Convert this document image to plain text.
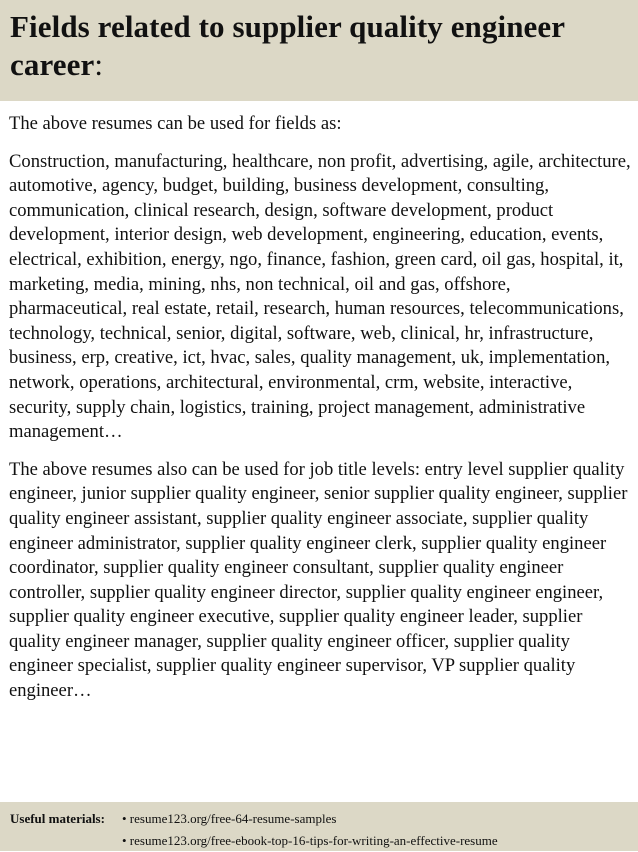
Fields related to supplier quality engineer career:

The above resumes can be used for fields as:

Construction, manufacturing, healthcare, non profit, advertising, agile, architecture, automotive, agency, budget, building, business development, consulting, communication, clinical research, design, software development, product development, interior design, web development, engineering, education, events, electrical, exhibition, energy, ngo, finance, fashion, green card, oil gas, hospital, it, marketing, media, mining, nhs, non technical, oil and gas, offshore, pharmaceutical, real estate, retail, research, human resources, telecommunications, technology, technical, senior, digital, software, web, clinical, hr, infrastructure, business, erp, creative, ict, hvac, sales, quality management, uk, implementation, network, operations, architectural, environmental, crm, website, interactive, security, supply chain, logistics, training, project management, administrative management…

The above resumes also can be used for job title levels: entry level supplier quality engineer, junior supplier quality engineer, senior supplier quality engineer, supplier quality engineer assistant, supplier quality engineer associate, supplier quality engineer administrator, supplier quality engineer clerk, supplier quality engineer coordinator, supplier quality engineer consultant, supplier quality engineer controller, supplier quality engineer director, supplier quality engineer engineer, supplier quality engineer executive, supplier quality engineer leader, supplier quality engineer manager, supplier quality engineer officer, supplier quality engineer specialist, supplier quality engineer supervisor, VP supplier quality engineer…

Useful materials: • resume123.org/free-64-resume-samples
• resume123.org/free-ebook-top-16-tips-for-writing-an-effective-resume
